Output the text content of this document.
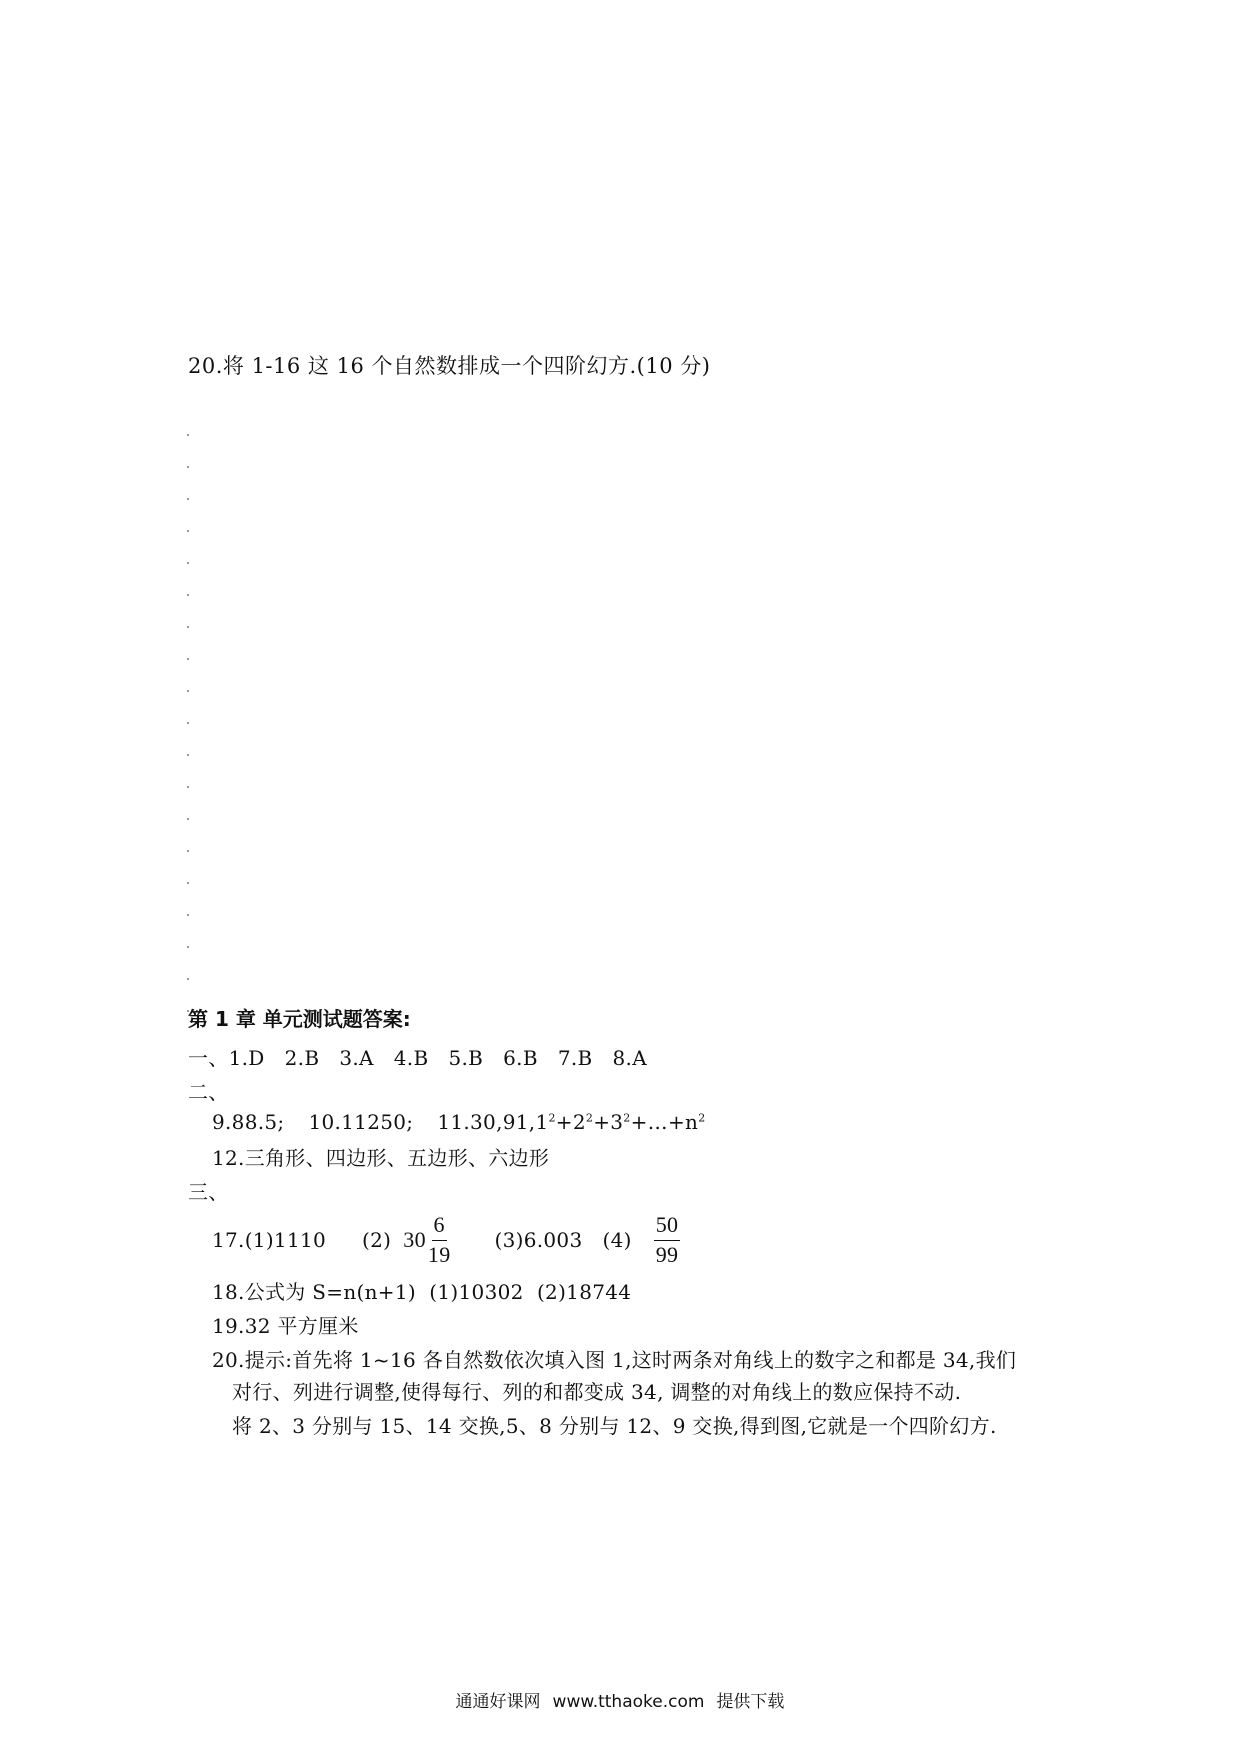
20.将 1-16 这 16 个自然数排成一个四阶幻方.(10 分)
第 1 章 单元测试题答案:
一、1.D 2.B 3.A 4.B 5.B 6.B 7.B 8.A
二、
9.88.5; 10.11250; $11.30,91,1^2+2^2+3^2+\dots+n^2$
12.三角形、四边形、五边形、六边形
三、
17.(1)1110 (2) $30 \frac{6}{19} (3)6.003$ $(4) \frac{50}{99}$
18.公式为 S=n(n+1)  (1)10302  (2)18744
19.32 平方厘米
20.提示:首先将 1~16 各自然数依次填入图 1,这时两条对角线上的数字之和都是 34,我们
对行、列进行调整,使得每行、列的和都变成 34, 调整的对角线上的数应保持不动.
将 2、3 分别与 15、14 交换,5、8 分别与 12、9 交换,得到图,它就是一个四阶幻方.
通通好课网 www.tthaoke.com 提供下载
